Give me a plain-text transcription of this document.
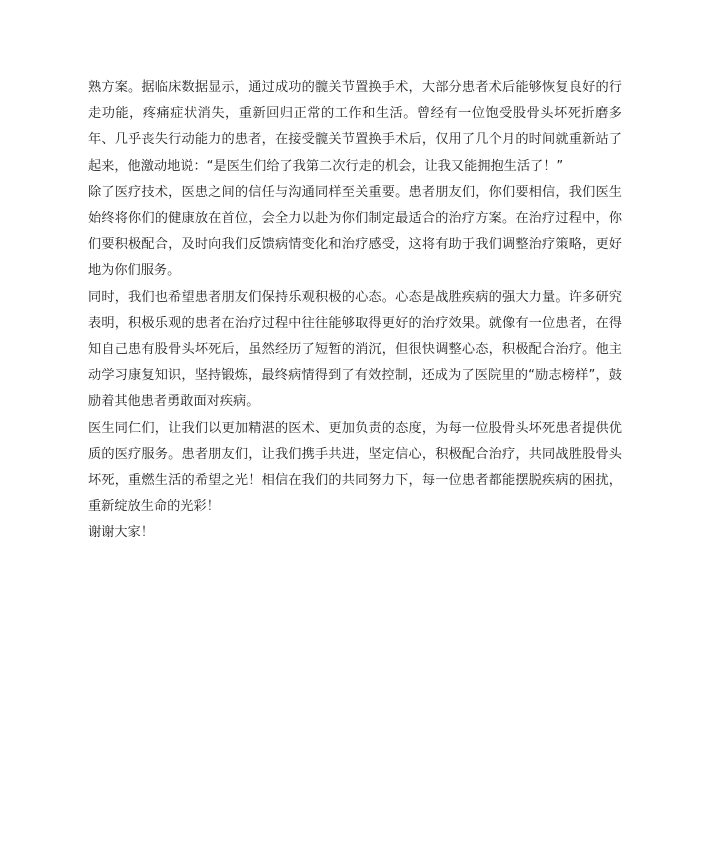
熟方案。据临床数据显示，通过成功的髋关节置换手术，大部分患者术后能够恢复良好的行走功能，疼痛症状消失，重新回归正常的工作和生活。曾经有一位饱受股骨头坏死折磨多年、几乎丧失行动能力的患者，在接受髋关节置换手术后，仅用了几个月的时间就重新站了起来，他激动地说：“是医生们给了我第二次行走的机会，让我又能拥抱生活了！”

除了医疗技术，医患之间的信任与沟通同样至关重要。患者朋友们，你们要相信，我们医生始终将你们的健康放在首位，会全力以赴为你们制定最适合的治疗方案。在治疗过程中，你们要积极配合，及时向我们反馈病情变化和治疗感受，这将有助于我们调整治疗策略，更好地为你们服务。

同时，我们也希望患者朋友们保持乐观积极的心态。心态是战胜疾病的强大力量。许多研究表明，积极乐观的患者在治疗过程中往往能够取得更好的治疗效果。就像有一位患者，在得知自己患有股骨头坏死后，虽然经历了短暂的消沉，但很快调整心态，积极配合治疗。他主动学习康复知识，坚持锻炼，最终病情得到了有效控制，还成为了医院里的“励志榜样”，鼓励着其他患者勇敢面对疾病。

医生同仁们，让我们以更加精湛的医术、更加负责的态度，为每一位股骨头坏死患者提供优质的医疗服务。患者朋友们，让我们携手共进，坚定信心，积极配合治疗，共同战胜股骨头坏死，重燃生活的希望之光！相信在我们的共同努力下，每一位患者都能摆脱疾病的困扰，重新绽放生命的光彩！

谢谢大家！
